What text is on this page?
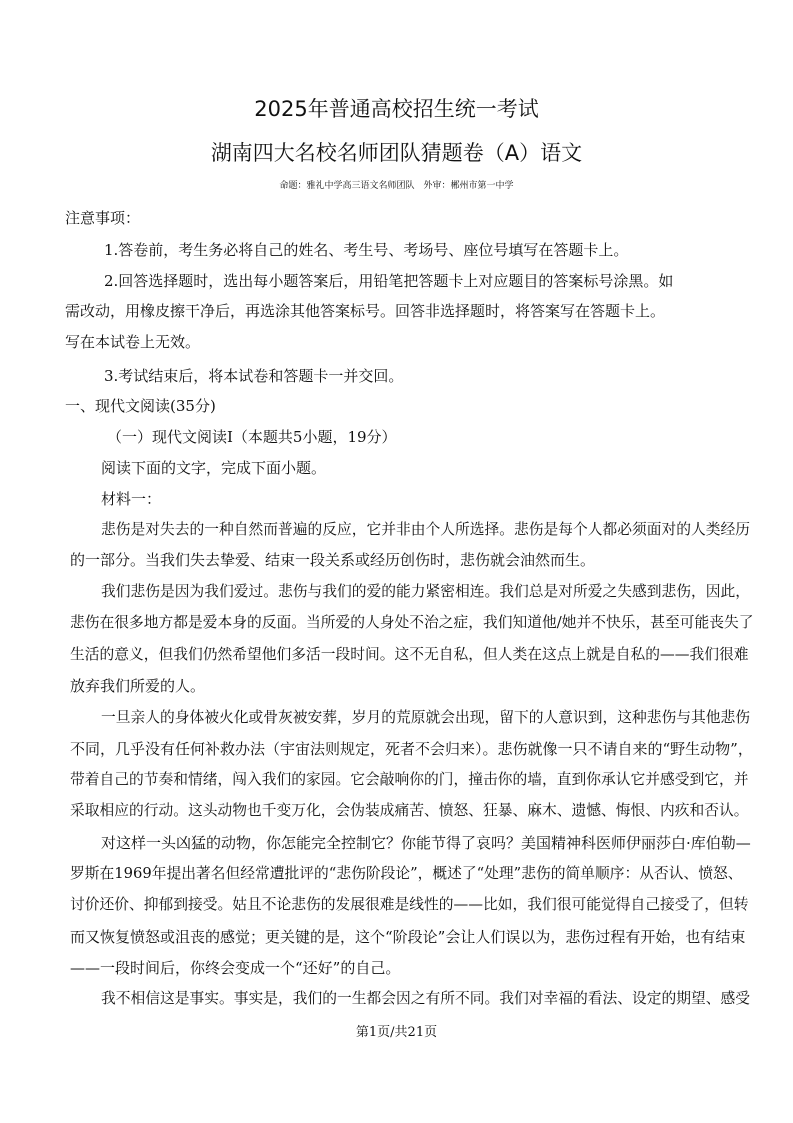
2025年普通高校招生统一考试
湖南四大名校名师团队猜题卷（A）语文
命题：雅礼中学高三语文名师团队　外审：郴州市第一中学
注意事项：
1.答卷前，考生务必将自己的姓名、考生号、考场号、座位号填写在答题卡上。
2.回答选择题时，选出每小题答案后，用铅笔把答题卡上对应题目的答案标号涂黑。如
需改动，用橡皮擦干净后，再选涂其他答案标号。回答非选择题时，将答案写在答题卡上。
写在本试卷上无效。
3.考试结束后，将本试卷和答题卡一并交回。
一、现代文阅读(35分)
（一）现代文阅读Ⅰ（本题共5小题，19分）
阅读下面的文字，完成下面小题。
材料一：
悲伤是对失去的一种自然而普遍的反应，它并非由个人所选择。悲伤是每个人都必须面对的人类经历
的一部分。当我们失去挚爱、结束一段关系或经历创伤时，悲伤就会油然而生。
我们悲伤是因为我们爱过。悲伤与我们的爱的能力紧密相连。我们总是对所爱之失感到悲伤，因此，
悲伤在很多地方都是爱本身的反面。当所爱的人身处不治之症，我们知道他/她并不快乐，甚至可能丧失了
生活的意义，但我们仍然希望他们多活一段时间。这不无自私，但人类在这点上就是自私的——我们很难
放弃我们所爱的人。
一旦亲人的身体被火化或骨灰被安葬，岁月的荒原就会出现，留下的人意识到，这种悲伤与其他悲伤
不同，几乎没有任何补救办法（宇宙法则规定，死者不会归来）。悲伤就像一只不请自来的“野生动物”，
带着自己的节奏和情绪，闯入我们的家园。它会敲响你的门，撞击你的墙，直到你承认它并感受到它，并
采取相应的行动。这头动物也千变万化，会伪装成痛苦、愤怒、狂暴、麻木、遗憾、悔恨、内疚和否认。
对这样一头凶猛的动物，你怎能完全控制它？你能节得了哀吗？美国精神科医师伊丽莎白·库伯勒—
罗斯在1969年提出著名但经常遭批评的“悲伤阶段论”，概述了“处理”悲伤的简单顺序：从否认、愤怒、
讨价还价、抑郁到接受。姑且不论悲伤的发展很难是线性的——比如，我们很可能觉得自己接受了，但转
而又恢复愤怒或沮丧的感觉；更关键的是，这个“阶段论”会让人们误以为，悲伤过程有开始，也有结束
——一段时间后，你终会变成一个“还好”的自己。
我不相信这是事实。事实是，我们的一生都会因之有所不同。我们对幸福的看法、设定的期望、感受
第1页/共21页
